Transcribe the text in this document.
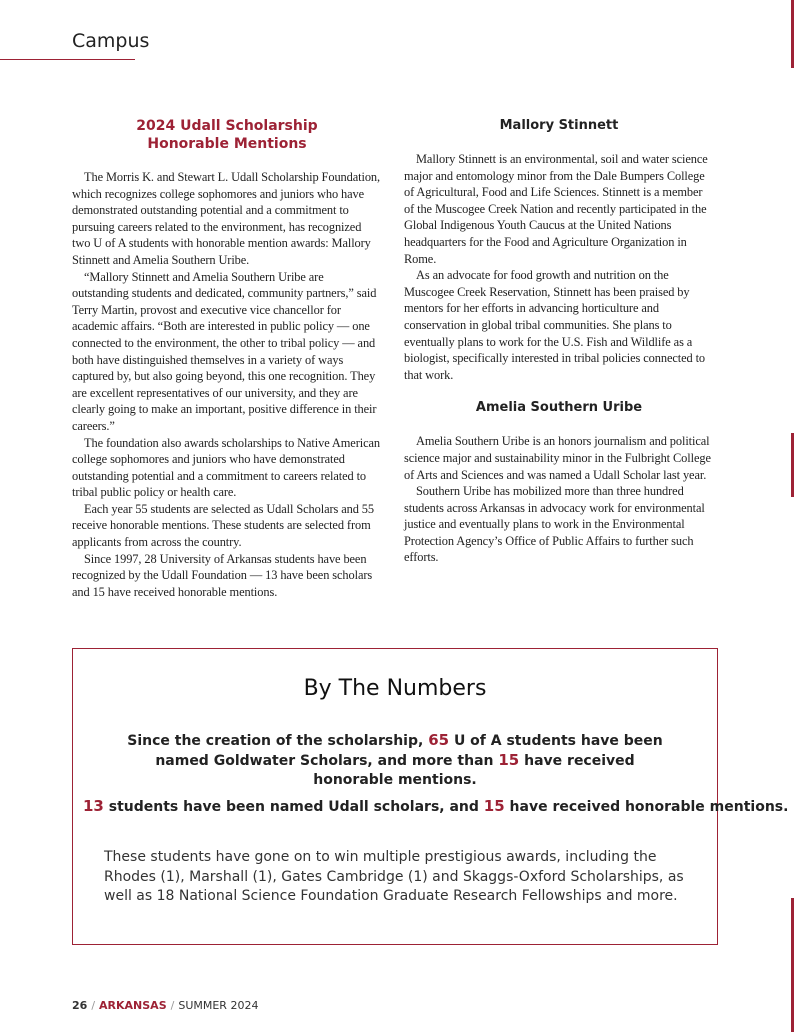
Campus
2024 Udall Scholarship
Honorable Mentions

The Morris K. and Stewart L. Udall Scholarship Foundation, which recognizes college sophomores and juniors who have demonstrated outstanding potential and a commitment to pursuing careers related to the environment, has recognized two U of A students with honorable mention awards: Mallory Stinnett and Amelia Southern Uribe.

“Mallory Stinnett and Amelia Southern Uribe are outstanding students and dedicated, community partners,” said Terry Martin, provost and executive vice chancellor for academic affairs. “Both are interested in public policy — one connected to the environment, the other to tribal policy — and both have distinguished themselves in a variety of ways captured by, but also going beyond, this one recognition. They are excellent representatives of our university, and they are clearly going to make an important, positive difference in their careers.”

The foundation also awards scholarships to Native American college sophomores and juniors who have demonstrated outstanding potential and a commitment to careers related to tribal public policy or health care.

Each year 55 students are selected as Udall Scholars and 55 receive honorable mentions. These students are selected from applicants from across the country.

Since 1997, 28 University of Arkansas students have been recognized by the Udall Foundation — 13 have been scholars and 15 have received honorable mentions.

Mallory Stinnett

Mallory Stinnett is an environmental, soil and water science major and entomology minor from the Dale Bumpers College of Agricultural, Food and Life Sciences. Stinnett is a member of the Muscogee Creek Nation and recently participated in the Global Indigenous Youth Caucus at the United Nations headquarters for the Food and Agriculture Organization in Rome.

As an advocate for food growth and nutrition on the Muscogee Creek Reservation, Stinnett has been praised by mentors for her efforts in advancing horticulture and conservation in global tribal communities. She plans to eventually plans to work for the U.S. Fish and Wildlife as a biologist, specifically interested in tribal policies connected to that work.

Amelia Southern Uribe

Amelia Southern Uribe is an honors journalism and political science major and sustainability minor in the Fulbright College of Arts and Sciences and was named a Udall Scholar last year.

Southern Uribe has mobilized more than three hundred students across Arkansas in advocacy work for environmental justice and eventually plans to work in the Environmental Protection Agency’s Office of Public Affairs to further such efforts.

By The Numbers

Since the creation of the scholarship, 65 U of A students have been named Goldwater Scholars, and more than 15 have received honorable mentions.

13 students have been named Udall scholars, and 15 have received honorable mentions.

These students have gone on to win multiple prestigious awards, including the Rhodes (1), Marshall (1), Gates Cambridge (1) and Skaggs-Oxford Scholarships, as well as 18 National Science Foundation Graduate Research Fellowships and more.

26 / ARKANSAS / SUMMER 2024
